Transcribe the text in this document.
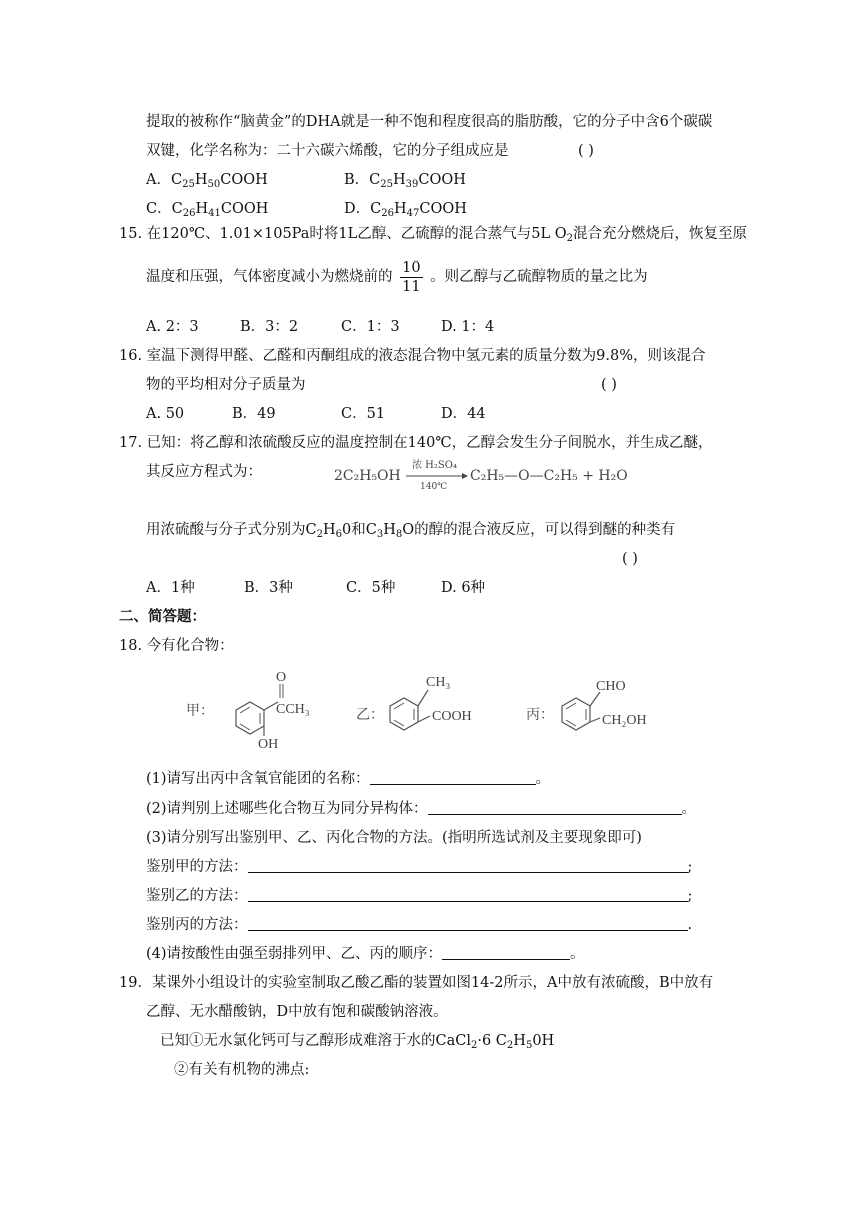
提取的被称作“脑黄金”的DHA就是一种不饱和程度很高的脂肪酸，它的分子中含6个碳碳
双键，化学名称为：二十六碳六烯酸，它的分子组成应是	( )
A．$C_{25}H_{50}COOH$	B．$C_{25}H_{39}COOH$
C．$C_{26}H_{41}COOH$	D．$C_{26}H_{47}COOH$
15. 在120℃、1.01×105Pa时将1L乙醇、乙硫醇的混合蒸气与5L $O_2$混合充分燃烧后，恢复至原
温度和压强，气体密度减小为燃烧前的 $\frac{10}{11}$ 。则乙醇与乙硫醇物质的量之比为
A. 2：3	B．3：2	C．1：3	D. 1：4
16. 室温下测得甲醛、乙醛和丙酮组成的液态混合物中氢元素的质量分数为9.8%，则该混合
物的平均相对分子质量为	( )
A. 50	B．49	C．51	D．44
17. 已知：将乙醇和浓硫酸反应的温度控制在140℃，乙醇会发生分子间脱水，并生成乙醚，
其反应方程式为：	2C₂H₅OH
浓 H₂SO₄
140℃
C₂H₅—O—C₂H₅ + H₂O
用浓硫酸与分子式分别为$C_2H_60$和$C_3H_8O$的醇的混合液反应，可以得到醚的种类有
( )
A．1种	B．3种	C．5种	D. 6种
二、简答题：
18. 今有化合物：
甲：
O
CCH₃
OH
乙：
CH₃
COOH	丙：
CHO
CH₂OH
(1)请写出丙中含氧官能团的名称：	。
(2)请判别上述哪些化合物互为同分异构体：	。
(3)请分别写出鉴别甲、乙、丙化合物的方法。(指明所选试剂及主要现象即可)
鉴别甲的方法：	;
鉴别乙的方法：	;
鉴别丙的方法：	.
(4)请按酸性由强至弱排列甲、乙、丙的顺序：	。
19．某课外小组设计的实验室制取乙酸乙酯的装置如图14-2所示，A中放有浓硫酸，B中放有
乙醇、无水醋酸钠，D中放有饱和碳酸钠溶液。
已知①无水氯化钙可与乙醇形成难溶于水的CaCl$_2$·6 $C_2H_50H$
②有关有机物的沸点:
